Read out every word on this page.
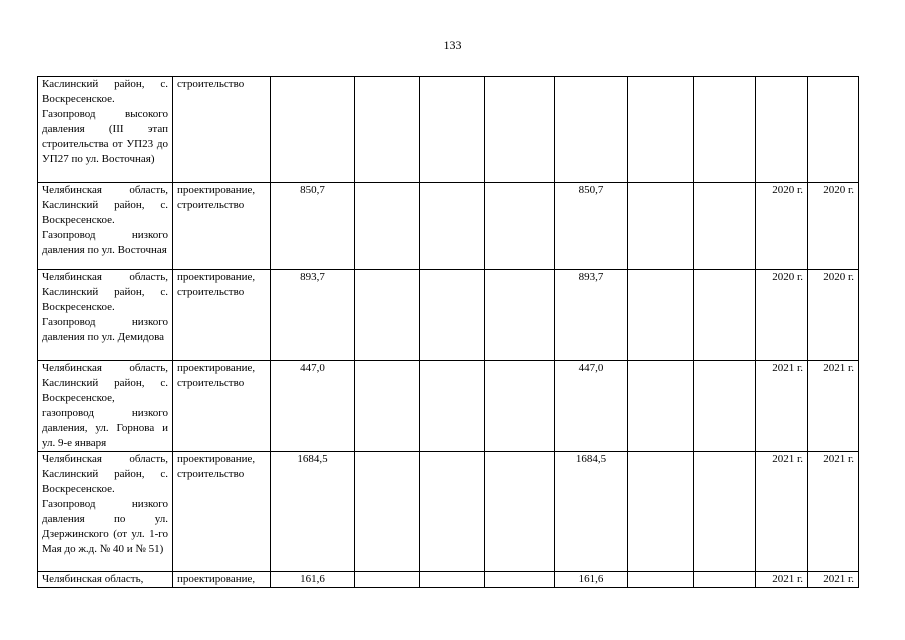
133
Каслинский район, с. Воскресенское. Газопровод высокого давления (III этап строительства от УП23 до УП27 по ул. Восточная)	строительство									
Челябинская область, Каслинский район, с. Воскресенское. Газопровод низкого давления по ул. Восточная	проектирование, строительство	850,7				850,7			2020 г.	2020 г.
Челябинская область, Каслинский район, с. Воскресенское. Газопровод низкого давления по ул. Демидова	проектирование, строительство	893,7				893,7			2020 г.	2020 г.
Челябинская область, Каслинский район, с. Воскресенское, газопровод низкого давления, ул. Горнова и ул. 9-е января	проектирование, строительство	447,0				447,0			2021 г.	2021 г.
Челябинская область, Каслинский район, с. Воскресенское. Газопровод низкого давления по ул. Дзержинского (от ул. 1-го Мая до ж.д. № 40 и № 51)	проектирование, строительство	1684,5				1684,5			2021 г.	2021 г.
Челябинская область,	проектирование,	161,6				161,6			2021 г.	2021 г.
